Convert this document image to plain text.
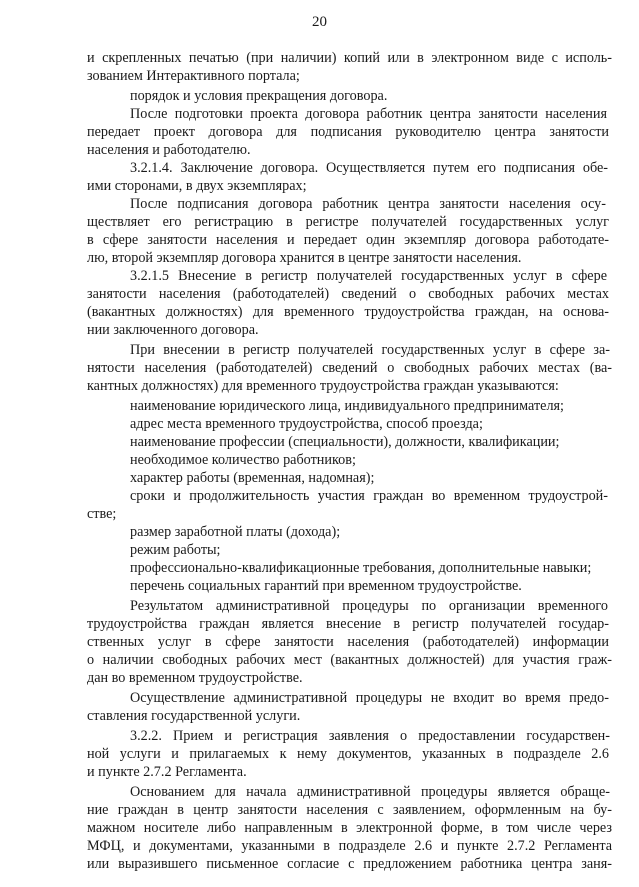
20
и скрепленных печатью (при наличии) копий или в электронном виде с исполь-
зованием Интерактивного портала;
порядок и условия прекращения договора.
После подготовки проекта договора работник центра занятости населения
передает проект договора для подписания руководителю центра занятости
населения и работодателю.
3.2.1.4. Заключение договора. Осуществляется путем его подписания обе-
ими сторонами, в двух экземплярах;
После подписания договора работник центра занятости населения осу-
ществляет его регистрацию в регистре получателей государственных услуг
в сфере занятости населения и передает один экземпляр договора работодате-
лю, второй экземпляр договора хранится в центре занятости населения.
3.2.1.5 Внесение в регистр получателей государственных услуг в сфере
занятости населения (работодателей) сведений о свободных рабочих местах
(вакантных должностях) для временного трудоустройства граждан, на основа-
нии заключенного договора.
При внесении в регистр получателей государственных услуг в сфере за-
нятости населения (работодателей) сведений о свободных рабочих местах (ва-
кантных должностях) для временного трудоустройства граждан указываются:
наименование юридического лица, индивидуального предпринимателя;
адрес места временного трудоустройства, способ проезда;
наименование профессии (специальности), должности, квалификации;
необходимое количество работников;
характер работы (временная, надомная);
сроки и продолжительность участия граждан во временном трудоустрой-
стве;
размер заработной платы (дохода);
режим работы;
профессионально-квалификационные требования, дополнительные навыки;
перечень социальных гарантий при временном трудоустройстве.
Результатом административной процедуры по организации временного
трудоустройства граждан является внесение в регистр получателей государ-
ственных услуг в сфере занятости населения (работодателей) информации
о наличии свободных рабочих мест (вакантных должностей) для участия граж-
дан во временном трудоустройстве.
Осуществление административной процедуры не входит во время предо-
ставления государственной услуги.
3.2.2. Прием и регистрация заявления о предоставлении государствен-
ной услуги и прилагаемых к нему документов, указанных в подразделе 2.6
и пункте 2.7.2 Регламента.
Основанием для начала административной процедуры является обраще-
ние граждан в центр занятости населения с заявлением, оформленным на бу-
мажном носителе либо направленным в электронной форме, в том числе через
МФЦ, и документами, указанными в подразделе 2.6 и пункте 2.7.2 Регламента
или выразившего письменное согласие с предложением работника центра заня-
